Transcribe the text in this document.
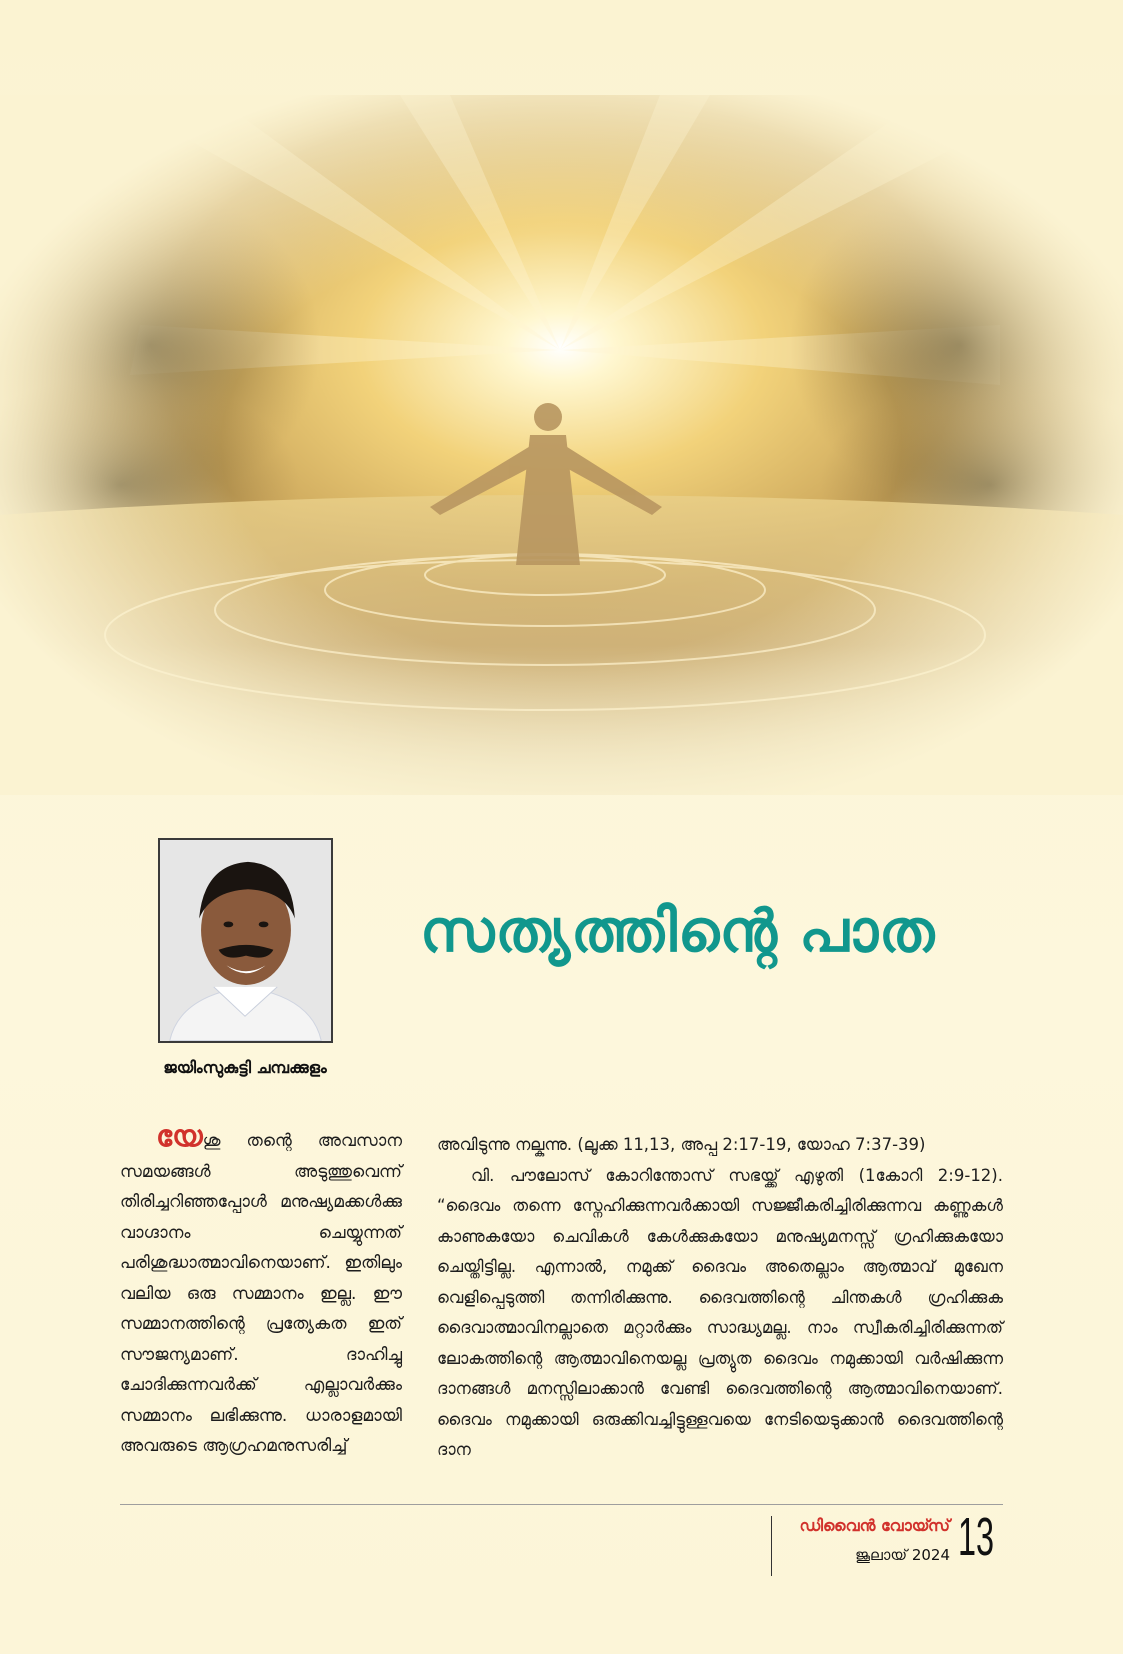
ജയിംസുകുട്ടി ചമ്പക്കുളം
സത്യത്തിന്റെ പാത

യേശു തന്റെ അവസാന സമയങ്ങൾ അടുത്തുവെന്ന് തിരിച്ചറിഞ്ഞപ്പോൾ മനുഷ്യമക്കൾക്കു വാഗ്ദാനം ചെയ്യുന്നത് പരിശുദ്ധാത്മാവിനെയാണ്. ഇതിലും വലിയ ഒരു സമ്മാനം ഇല്ല. ഈ സമ്മാനത്തിന്റെ പ്രത്യേകത ഇത് സൗജന്യമാണ്. ദാഹിച്ചു ചോദിക്കുന്നവർക്ക് എല്ലാവർക്കും സമ്മാനം ലഭിക്കുന്നു. ധാരാളമായി അവരുടെ ആഗ്രഹമനുസരിച്ച്

അവിടുന്നു നല്കുന്നു. (ലൂക്ക 11,13, അപ്പ 2:17-19, യോഹ 7:37-39)

വി. പൗലോസ് കോറിന്തോസ് സഭയ്ക്ക് എഴുതി (1കോറി 2:9-12). “ദൈവം തന്നെ സ്നേഹിക്കുന്നവർക്കായി സജ്ജീകരിച്ചിരിക്കുന്നവ കണ്ണുകൾ കാണുകയോ ചെവികൾ കേൾക്കുകയോ മനുഷ്യമനസ്സ് ഗ്രഹിക്കുകയോ ചെയ്തിട്ടില്ല. എന്നാൽ, നമുക്ക് ദൈവം അതെല്ലാം ആത്മാവ് മുഖേന വെളിപ്പെടുത്തി തന്നിരിക്കുന്നു. ദൈവത്തിന്റെ ചിന്തകൾ ഗ്രഹിക്കുക ദൈവാത്മാവിനല്ലാതെ മറ്റാർക്കും സാദ്ധ്യമല്ല. നാം സ്വീകരിച്ചിരിക്കുന്നത് ലോകത്തിന്റെ ആത്മാവിനെയല്ല പ്രത്യുത ദൈവം നമുക്കായി വർഷിക്കുന്ന ദാനങ്ങൾ മനസ്സിലാക്കാൻ വേണ്ടി ദൈവത്തിന്റെ ആത്മാവിനെയാണ്. ദൈവം നമുക്കായി ഒരുക്കിവച്ചിട്ടുള്ളവയെ നേടിയെടുക്കാൻ ദൈവത്തിന്റെ ദാന

ഡിവൈൻ വോയ്സ്
ജൂലായ് 2024 13
